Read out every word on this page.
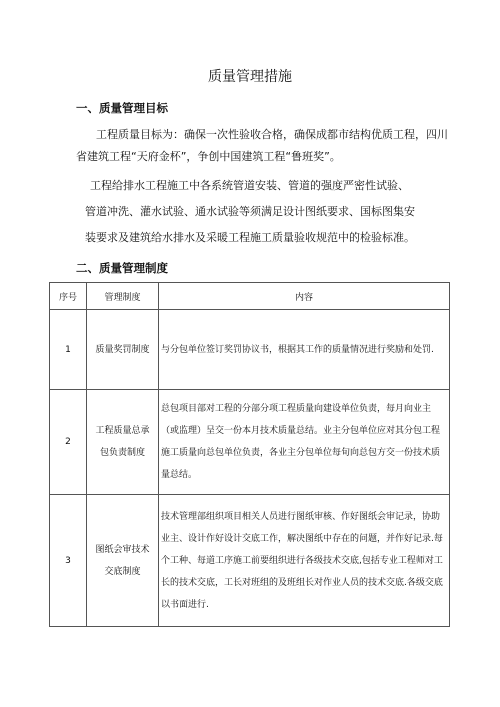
质量管理措施
一、质量管理目标
工程质量目标为：确保一次性验收合格，确保成都市结构优质工程，四川
省建筑工程“天府金杯”，争创中国建筑工程“鲁班奖”。
工程给排水工程施工中各系统管道安装、管道的强度严密性试验、
管道冲洗、灌水试验、通水试验等须满足设计图纸要求、国标图集安
装要求及建筑给水排水及采暖工程施工质量验收规范中的检验标准。
二、质量管理制度
序号	管理制度	内容
1	质量奖罚制度	与分包单位签订奖罚协议书，根据其工作的质量情况进行奖励和处罚.

2	工程质量总承
包负责制度	总包项目部对工程的分部分项工程质量向建设单位负责，每月向业主（或监理）呈交一份本月技术质量总结。业主分包单位应对其分包工程施工质量向总包单位负责，各业主分包单位每旬向总包方交一份技术质量总结。

3	图纸会审技术
交底制度	技术管理部组织项目相关人员进行图纸审核、作好图纸会审记录，协助业主、设计作好设计交底工作，解决图纸中存在的问题，并作好记录.每个工种、每道工序施工前要组织进行各级技术交底,包括专业工程师对工长的技术交底，工长对班组的及班组长对作业人员的技术交底.各级交底以书面进行.
